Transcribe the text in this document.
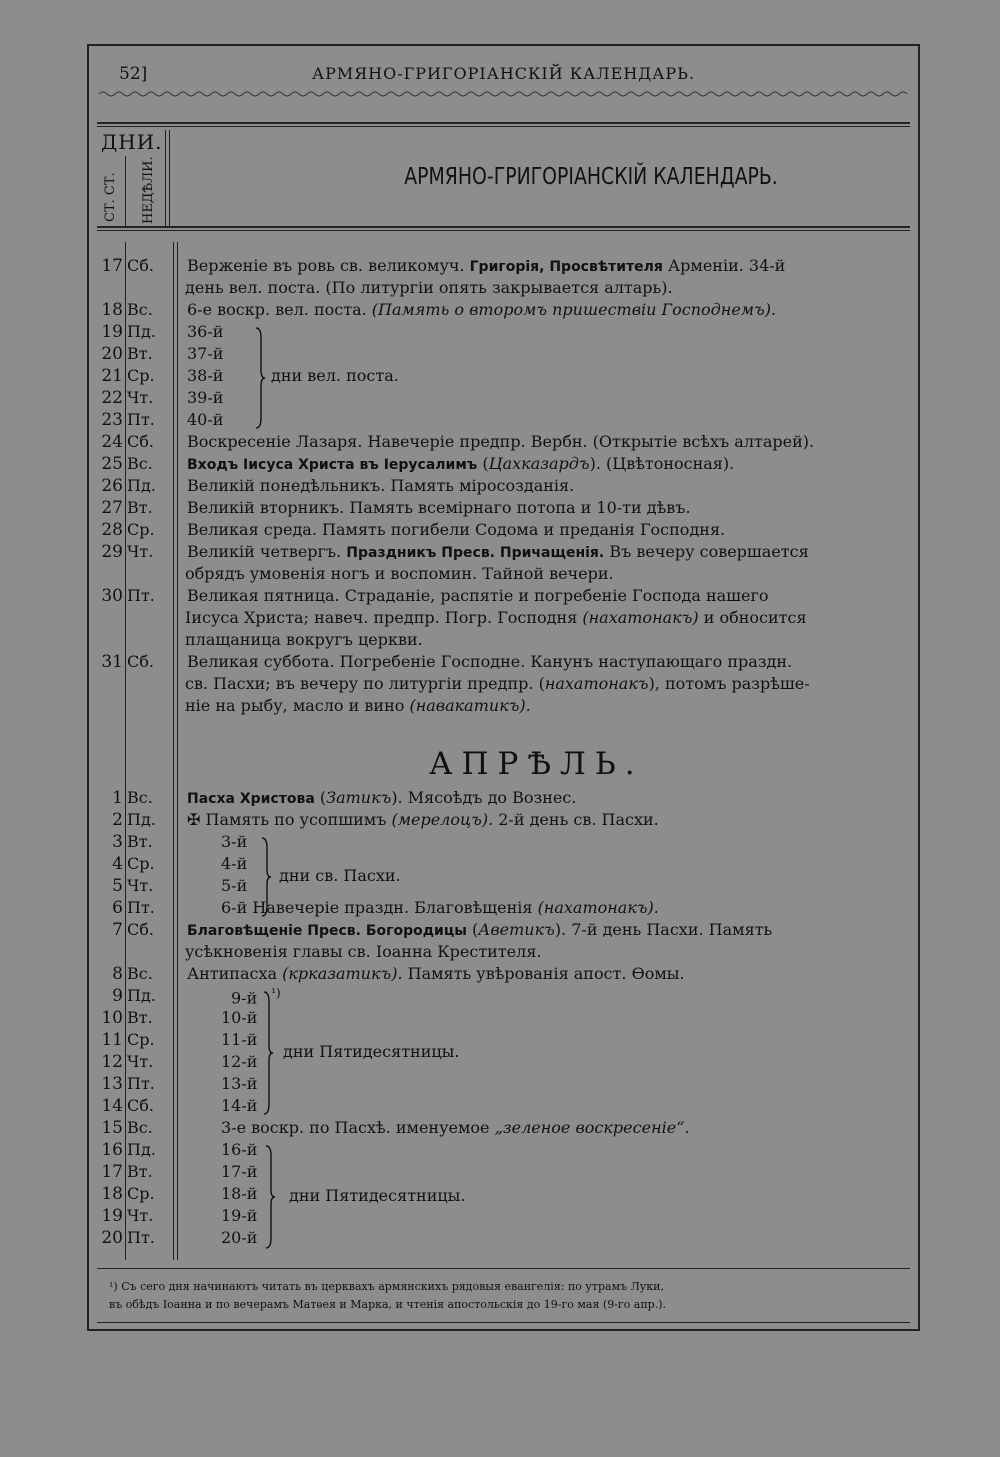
52]	АРМЯНО-ГРИГОРІАНСКІЙ КАЛЕНДАРЬ.
ДНИ.
СТ. СТ. НЕДѢЛИ.	АРМЯНО-ГРИГОРІАНСКІЙ КАЛЕНДАРЬ.
17 Сб.	Верженіе въ ровь св. великомуч. Григорія, Просвѣтителя Арменіи. 34-й
день вел. поста. (По литургіи опять закрывается алтарь).
18 Вс.	6-е воскр. вел. поста. (Память о второмъ пришествіи Господнемъ).
19 Пд.	36-й
20 Вт.	37-й
21 Ср.	38-й
22 Чт.	39-й
23 Пт.	40-й
дни вел. поста.
24 Сб.	Воскресеніе Лазаря. Навечеріе предпр. Вербн. (Открытіе всѣхъ алтарей).
25 Вс.	Входъ Іисуса Христа въ Іерусалимъ (Цахказардъ). (Цвѣтоносная).
26 Пд.	Великій понедѣльникъ. Память міросозданія.
27 Вт.	Великій вторникъ. Память всемірнаго потопа и 10-ти дѣвъ.
28 Ср.	Великая среда. Память погибели Содома и преданія Господня.
29 Чт.	Великій четвергъ. Праздникъ Пресв. Причащенія. Въ вечеру совершается
обрядъ умовенія ногъ и воспомин. Тайной вечери.
30 Пт.	Великая пятница. Страданіе, распятіе и погребеніе Господа нашего
Іисуса Христа; навеч. предпр. Погр. Господня (нахатонакъ) и обносится
плащаница вокругъ церкви.
31 Сб.	Великая суббота. Погребеніе Господне. Канунъ наступающаго праздн.
св. Пасхи; въ вечеру по литургіи предпр. (нахатонакъ), потомъ разрѣше-
ніе на рыбу, масло и вино (навакатикъ).
АПРѢЛЬ.
1 Вс.	Пасха Христова (Затикъ). Мясоѣдъ до Вознес.
2 Пд.	✠ Память по усопшимъ (мерелоцъ). 2-й день св. Пасхи.
3 Вт.	3-й
4 Ср.	4-й
5 Чт.	5-й
6 Пт.	6-й Навечеріе праздн. Благовѣщенія (нахатонакъ).
дни св. Пасхи.
7 Сб.	Благовѣщеніе Пресв. Богородицы (Аветикъ). 7-й день Пасхи. Память
усѣкновенія главы св. Іоанна Крестителя.
8 Вс.	Антипасха (крказатикъ). Память увѣрованія апост. Ѳомы.
9 Пд.	9-й $^{^1)}$
10 Вт.	10-й
11 Ср.	11-й
12 Чт.	12-й
13 Пт.	13-й
14 Сб.	14-й
дни Пятидесятницы.
15 Вс.	3-е воскр. по Пасхѣ. именуемое „зеленое воскресеніе“.
16 Пд.	16-й
17 Вт.	17-й
18 Ср.	18-й
19 Чт.	19-й
20 Пт.	20-й
дни Пятидесятницы.
¹) Съ сего дня начинаютъ читать въ церквахъ армянскихъ рядовыя евангелія: по утрамъ Луки,
въ обѣдъ Іоанна и по вечерамъ Матѳея и Марка, и чтенія апостольскія до 19-го мая (9-го апр.).
